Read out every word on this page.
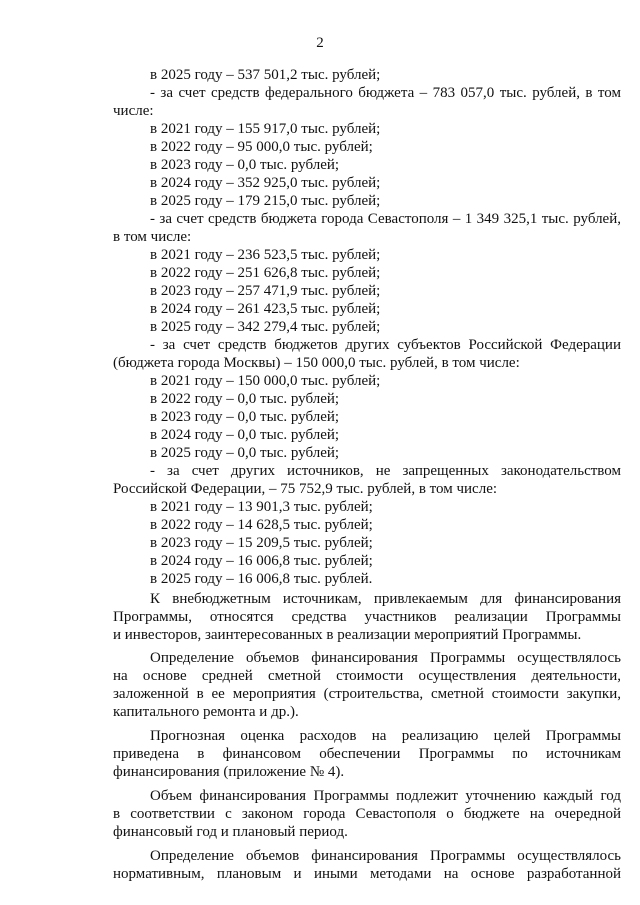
2
в 2025 году – 537 501,2 тыс. рублей;
- за счет средств федерального бюджета – 783 057,0 тыс. рублей, в том
числе:
в 2021 году – 155 917,0 тыс. рублей;
в 2022 году – 95 000,0 тыс. рублей;
в 2023 году – 0,0 тыс. рублей;
в 2024 году – 352 925,0 тыс. рублей;
в 2025 году – 179 215,0 тыс. рублей;
- за счет средств бюджета города Севастополя – 1 349 325,1 тыс. рублей,
в том числе:
в 2021 году – 236 523,5 тыс. рублей;
в 2022 году – 251 626,8 тыс. рублей;
в 2023 году – 257 471,9 тыс. рублей;
в 2024 году – 261 423,5 тыс. рублей;
в 2025 году – 342 279,4 тыс. рублей;
- за счет средств бюджетов других субъектов Российской Федерации
(бюджета города Москвы) – 150 000,0 тыс. рублей, в том числе:
в 2021 году – 150 000,0 тыс. рублей;
в 2022 году – 0,0 тыс. рублей;
в 2023 году – 0,0 тыс. рублей;
в 2024 году – 0,0 тыс. рублей;
в 2025 году – 0,0 тыс. рублей;
- за счет других источников, не запрещенных законодательством
Российской Федерации, – 75 752,9 тыс. рублей, в том числе:
в 2021 году – 13 901,3 тыс. рублей;
в 2022 году – 14 628,5 тыс. рублей;
в 2023 году – 15 209,5 тыс. рублей;
в 2024 году – 16 006,8 тыс. рублей;
в 2025 году – 16 006,8 тыс. рублей.
К внебюджетным источникам, привлекаемым для финансирования
Программы, относятся средства участников реализации Программы
и инвесторов, заинтересованных в реализации мероприятий Программы.
Определение объемов финансирования Программы осуществлялось
на основе средней сметной стоимости осуществления деятельности,
заложенной в ее мероприятия (строительства, сметной стоимости закупки,
капитального ремонта и др.).
Прогнозная оценка расходов на реализацию целей Программы
приведена в финансовом обеспечении Программы по источникам
финансирования (приложение № 4).
Объем финансирования Программы подлежит уточнению каждый год
в соответствии с законом города Севастополя о бюджете на очередной
финансовый год и плановый период.
Определение объемов финансирования Программы осуществлялось
нормативным, плановым и иными методами на основе разработанной
